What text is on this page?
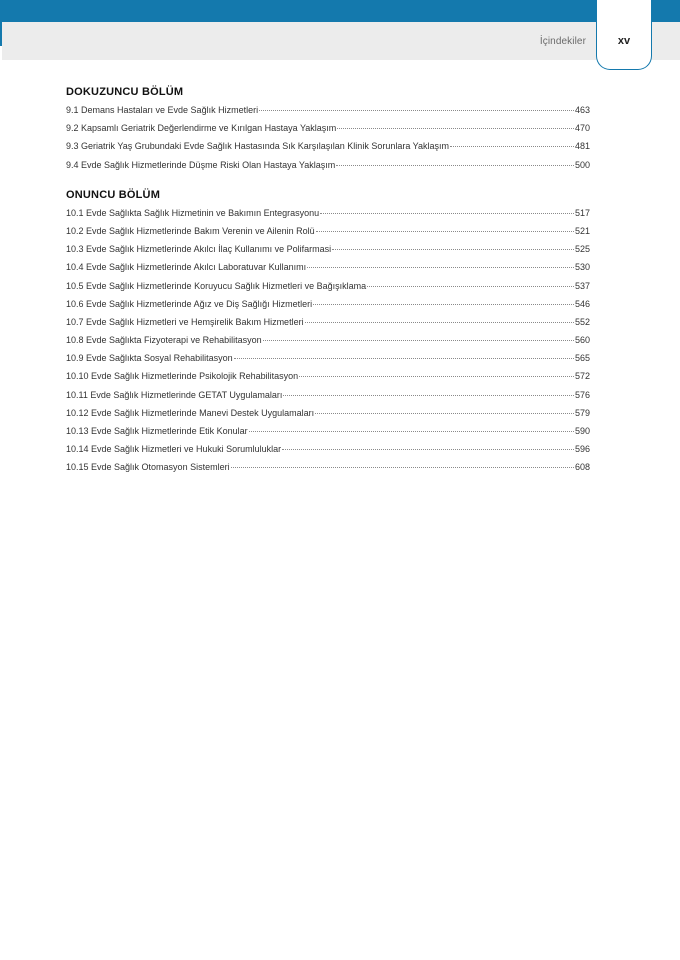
İçindekiler	xv
DOKUZUNCU BÖLÜM
9.1 Demans Hastaları ve Evde Sağlık Hizmetleri	463
9.2 Kapsamlı Geriatrik Değerlendirme ve Kırılgan Hastaya Yaklaşım	470
9.3 Geriatrik Yaş Grubundaki Evde Sağlık Hastasında Sık Karşılaşılan Klinik Sorunlara Yaklaşım	481
9.4 Evde Sağlık Hizmetlerinde Düşme Riski Olan Hastaya Yaklaşım	500
ONUNCU BÖLÜM
10.1 Evde Sağlıkta Sağlık Hizmetinin ve Bakımın Entegrasyonu	517
10.2 Evde Sağlık Hizmetlerinde Bakım Verenin ve Ailenin Rolü	521
10.3 Evde Sağlık Hizmetlerinde Akılcı İlaç Kullanımı ve Polifarmasi	525
10.4 Evde Sağlık Hizmetlerinde Akılcı Laboratuvar Kullanımı	530
10.5 Evde Sağlık Hizmetlerinde Koruyucu Sağlık Hizmetleri ve Bağışıklama	537
10.6 Evde Sağlık Hizmetlerinde Ağız ve Diş Sağlığı Hizmetleri	546
10.7 Evde Sağlık Hizmetleri ve Hemşirelik Bakım Hizmetleri	552
10.8 Evde Sağlıkta Fizyoterapi ve Rehabilitasyon	560
10.9 Evde Sağlıkta Sosyal Rehabilitasyon	565
10.10 Evde Sağlık Hizmetlerinde Psikolojik Rehabilitasyon	572
10.11 Evde Sağlık Hizmetlerinde GETAT Uygulamaları	576
10.12 Evde Sağlık Hizmetlerinde Manevi Destek Uygulamaları	579
10.13 Evde Sağlık Hizmetlerinde Etik Konular	590
10.14 Evde Sağlık Hizmetleri ve Hukuki Sorumluluklar	596
10.15 Evde Sağlık Otomasyon Sistemleri	608
